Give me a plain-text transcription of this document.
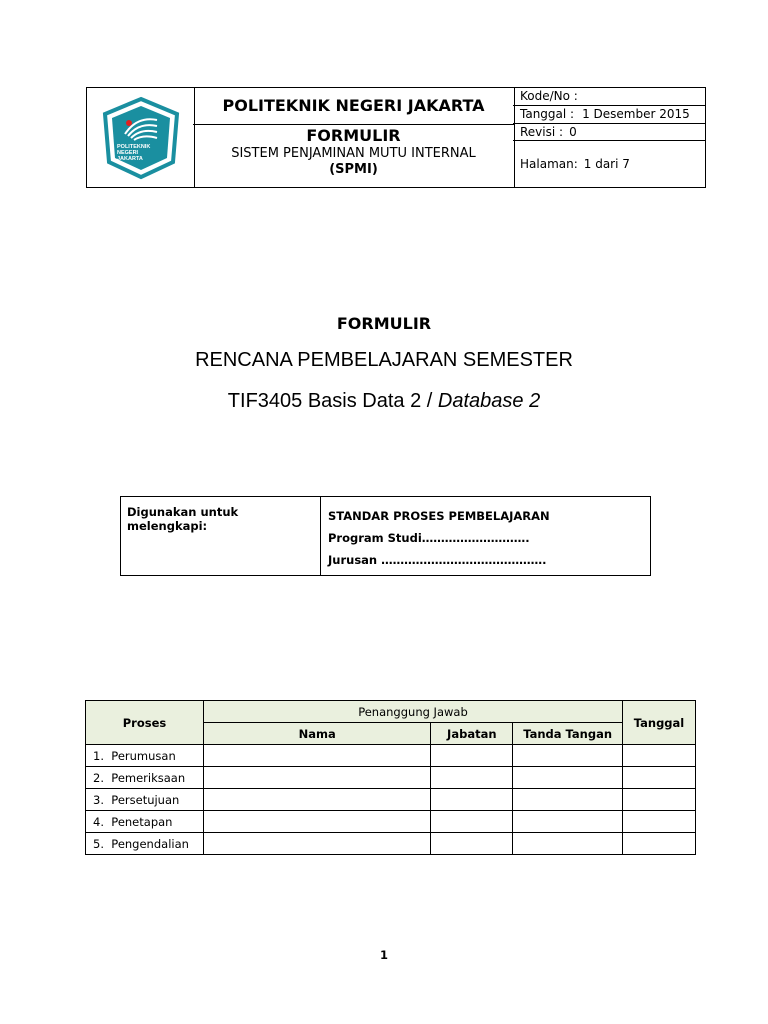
POLITEKNIK
NEGERI
JAKARTA
POLITEKNIK NEGERI JAKARTA
FORMULIR
SISTEM PENJAMINAN MUTU INTERNAL
(SPMI)
Kode/No :
Tanggal : 1 Desember 2015
Revisi : 0
Halaman: 1 dari 7
FORMULIR
RENCANA PEMBELAJARAN SEMESTER
TIF3405 Basis Data 2 / Database 2
Digunakan untuk melengkapi:
STANDAR PROSES PEMBELAJARAN
Program Studi……………………….
Jurusan …………………………………….
Proses	Penanggung Jawab			Tanggal
	Nama	Jabatan	Tanda Tangan	
1. Perumusan				
2. Pemeriksaan				
3. Persetujuan				
4. Penetapan				
5. Pengendalian				
1
